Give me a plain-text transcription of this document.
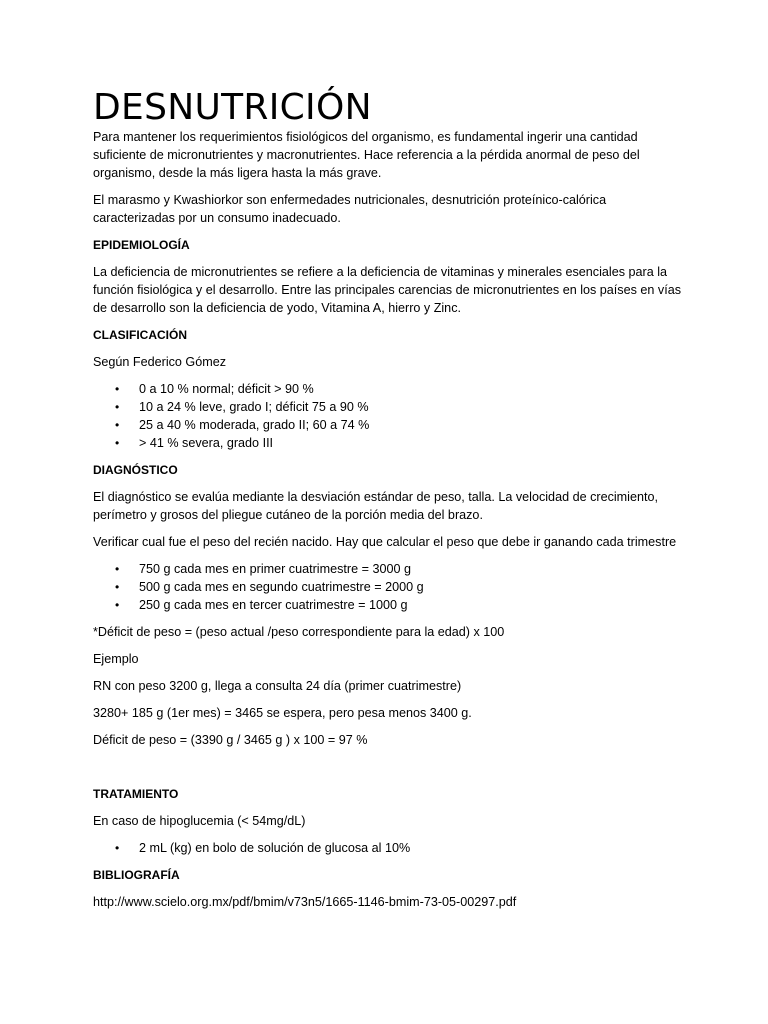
DESNUTRICIÓN

Para mantener los requerimientos fisiológicos del organismo, es fundamental ingerir una cantidad suficiente de micronutrientes y macronutrientes. Hace referencia a la pérdida anormal de peso del organismo, desde la más ligera hasta la más grave.

El marasmo y Kwashiorkor son enfermedades nutricionales, desnutrición proteínico-calórica caracterizadas por un consumo inadecuado.

EPIDEMIOLOGÍA

La deficiencia de micronutrientes se refiere a la deficiencia de vitaminas y minerales esenciales para la función fisiológica y el desarrollo. Entre las principales carencias de micronutrientes en los países en vías de desarrollo son la deficiencia de yodo, Vitamina A, hierro y Zinc.

CLASIFICACIÓN

Según Federico Gómez

• 0 a 10 % normal; déficit > 90 %
• 10 a 24 % leve, grado I; déficit 75 a 90 %
• 25 a 40 % moderada, grado II; 60 a 74 %
• > 41 % severa, grado III

DIAGNÓSTICO

El diagnóstico se evalúa mediante la desviación estándar de peso, talla. La velocidad de crecimiento, perímetro y grosos del pliegue cutáneo de la porción media del brazo.

Verificar cual fue el peso del recién nacido. Hay que calcular el peso que debe ir ganando cada trimestre

• 750 g cada mes en primer cuatrimestre = 3000 g
• 500 g cada mes en segundo cuatrimestre = 2000 g
• 250 g cada mes en tercer cuatrimestre = 1000 g

*Déficit de peso = (peso actual /peso correspondiente para la edad) x 100

Ejemplo

RN con peso 3200 g, llega a consulta 24 día (primer cuatrimestre)

3280+ 185 g (1er mes) = 3465 se espera, pero pesa menos 3400 g.

Déficit de peso = (3390 g / 3465 g ) x 100 = 97 %

TRATAMIENTO

En caso de hipoglucemia (< 54mg/dL)

• 2 mL (kg) en bolo de solución de glucosa al 10%

BIBLIOGRAFÍA

http://www.scielo.org.mx/pdf/bmim/v73n5/1665-1146-bmim-73-05-00297.pdf
